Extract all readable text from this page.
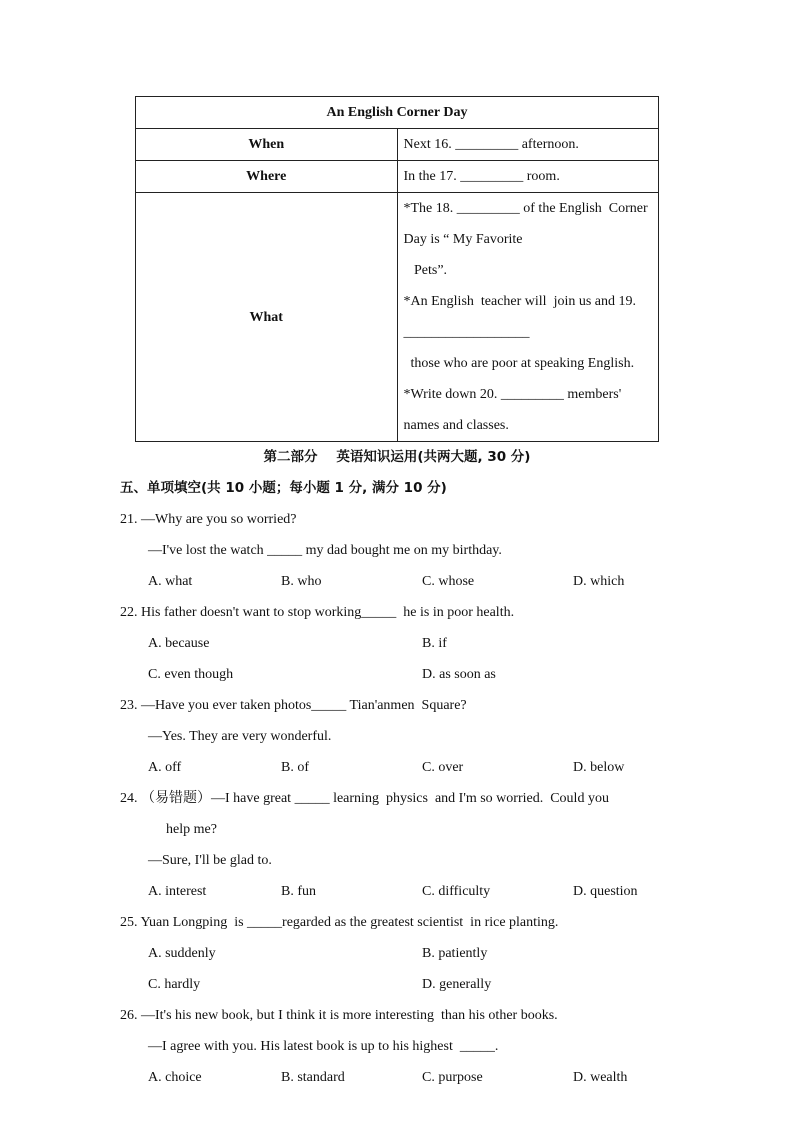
An English Corner Day	
When	Next 16. _________ afternoon.
Where	In the 17. _________ room.
What	*The 18. _________ of the English  Corner Day is “ My Favorite
Pets”.
*An English  teacher will  join us and 19. __________________
those who are poor at speaking English.
*Write down 20. _________ members'  names and classes.
第二部分    英语知识运用(共两大题, 30 分)
五、单项填空(共 10 小题；每小题 1 分, 满分 10 分)
21. —Why are you so worried?
—I've lost the watch _____ my dad bought me on my birthday.
A. what	B. who	C. whose	D. which
22. His father doesn't want to stop working_____  he is in poor health.
A. because	B. if
C. even though	D. as soon as
23. —Have you ever taken photos_____ Tian'anmen  Square?
—Yes. They are very wonderful.
A. off	B. of	C. over	D. below
24. （易错题）—I have great _____ learning  physics  and I'm so worried.  Could you
help me?
—Sure, I'll be glad to.
A. interest	B. fun	C. difficulty	D. question
25. Yuan Longping  is _____regarded as the greatest scientist  in rice planting.
A. suddenly	B. patiently
C. hardly	D. generally
26. —It's his new book, but I think it is more interesting  than his other books.
—I agree with you. His latest book is up to his highest  _____.
A. choice	B. standard	C. purpose	D. wealth
